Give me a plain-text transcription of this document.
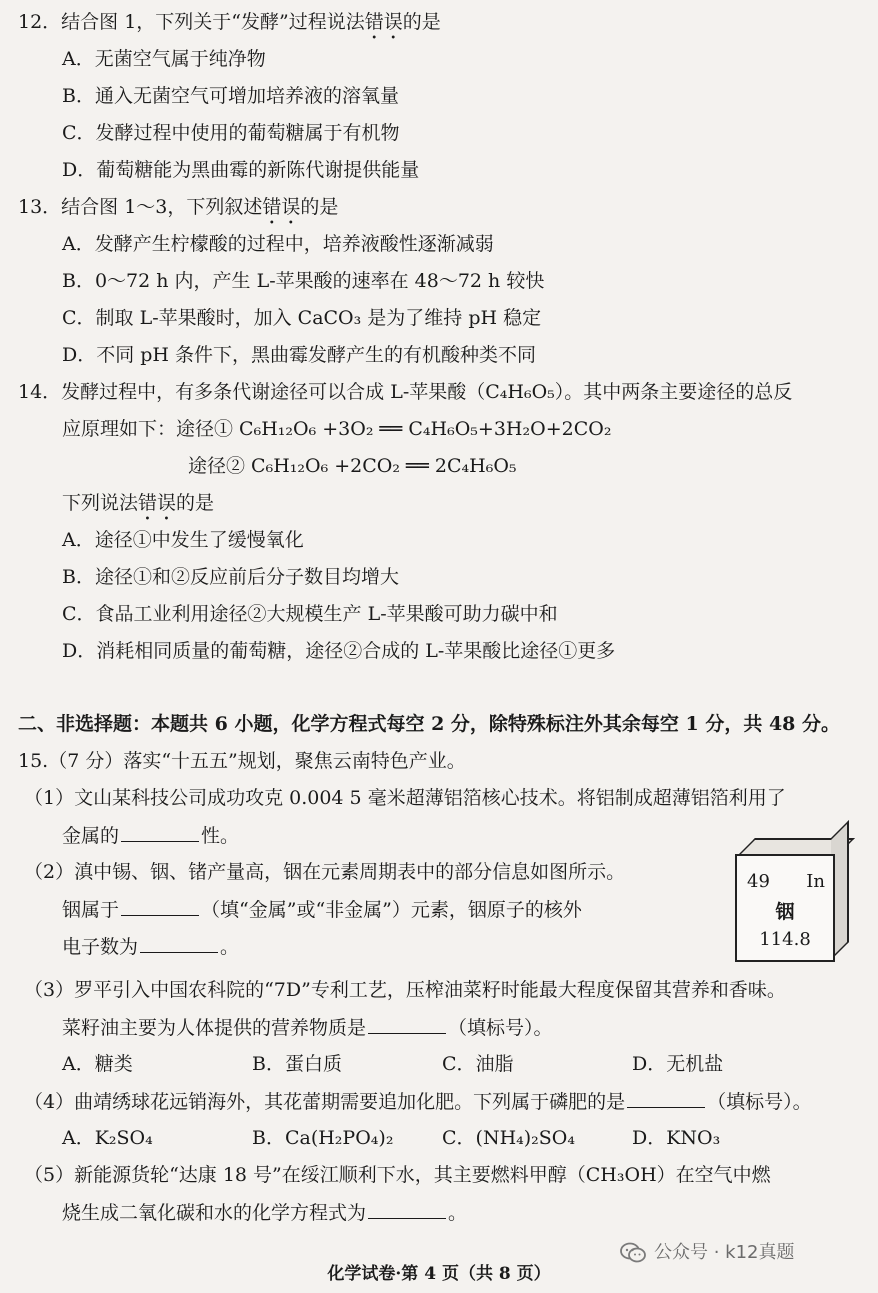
12．结合图 1，下列关于“发酵”过程说法错误的是
A．无菌空气属于纯净物
B．通入无菌空气可增加培养液的溶氧量
C．发酵过程中使用的葡萄糖属于有机物
D．葡萄糖能为黑曲霉的新陈代谢提供能量
13．结合图 1～3，下列叙述错误的是
A．发酵产生柠檬酸的过程中，培养液酸性逐渐减弱
B．0～72 h 内，产生 L-苹果酸的速率在 48～72 h 较快
C．制取 L-苹果酸时，加入 CaCO₃ 是为了维持 pH 稳定
D．不同 pH 条件下，黑曲霉发酵产生的有机酸种类不同
14．发酵过程中，有多条代谢途径可以合成 L-苹果酸（C₄H₆O₅）。其中两条主要途径的总反
应原理如下：途径① C₆H₁₂O₆ +3O₂ ══ C₄H₆O₅+3H₂O+2CO₂
途径② C₆H₁₂O₆ +2CO₂ ══ 2C₄H₆O₅
下列说法错误的是
A．途径①中发生了缓慢氧化
B．途径①和②反应前后分子数目均增大
C．食品工业利用途径②大规模生产 L-苹果酸可助力碳中和
D．消耗相同质量的葡萄糖，途径②合成的 L-苹果酸比途径①更多
二、非选择题：本题共 6 小题，化学方程式每空 2 分，除特殊标注外其余每空 1 分，共 48 分。
15.（7 分）落实“十五五”规划，聚焦云南特色产业。
（1）文山某科技公司成功攻克 0.004 5 毫米超薄铝箔核心技术。将铝制成超薄铝箔利用了
金属的	性。
（2）滇中锡、铟、锗产量高，铟在元素周期表中的部分信息如图所示。
铟属于	（填“金属”或“非金属”）元素，铟原子的核外
电子数为	。
49 In
铟
114.8
（3）罗平引入中国农科院的“7D”专利工艺，压榨油菜籽时能最大程度保留其营养和香味。
菜籽油主要为人体提供的营养物质是	（填标号）。
A．糖类	B．蛋白质	C．油脂	D．无机盐
（4）曲靖绣球花远销海外，其花蕾期需要追加化肥。下列属于磷肥的是	（填标号）。
A．K₂SO₄	B．Ca(H₂PO₄)₂	C．(NH₄)₂SO₄	D．KNO₃
（5）新能源货轮“达康 18 号”在绥江顺利下水，其主要燃料甲醇（CH₃OH）在空气中燃
烧生成二氧化碳和水的化学方程式为	。
公众号 · k12真题
化学试卷·第 4 页（共 8 页）
